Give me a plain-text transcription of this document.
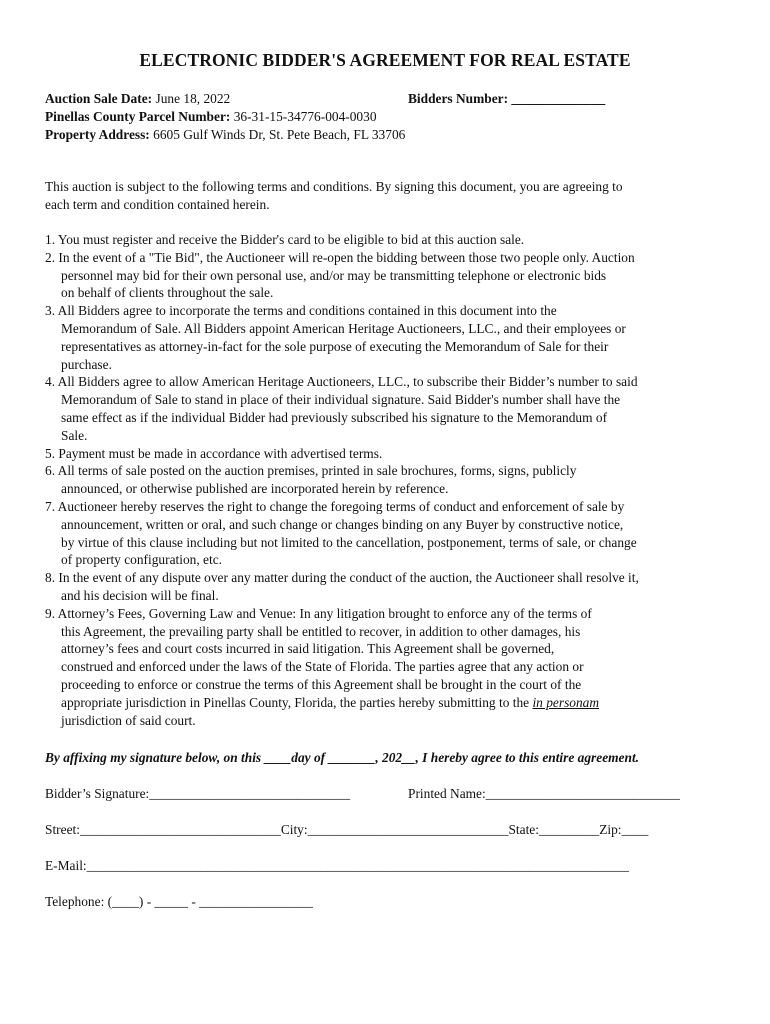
ELECTRONIC BIDDER'S AGREEMENT FOR REAL ESTATE
Auction Sale Date: June 18, 2022	Bidders Number: ______________
Pinellas County Parcel Number: 36-31-15-34776-004-0030
Property Address: 6605 Gulf Winds Dr, St. Pete Beach, FL 33706

This auction is subject to the following terms and conditions. By signing this document, you are agreeing to

each term and condition contained herein.

1. You must register and receive the Bidder's card to be eligible to bid at this auction sale.
2. In the event of a "Tie Bid", the Auctioneer will re-open the bidding between those two people only. Auction
personnel may bid for their own personal use, and/or may be transmitting telephone or electronic bids
on behalf of clients throughout the sale.
3. All Bidders agree to incorporate the terms and conditions contained in this document into the
Memorandum of Sale. All Bidders appoint American Heritage Auctioneers, LLC., and their employees or
representatives as attorney-in-fact for the sole purpose of executing the Memorandum of Sale for their
purchase.
4. All Bidders agree to allow American Heritage Auctioneers, LLC., to subscribe their Bidder’s number to said
Memorandum of Sale to stand in place of their individual signature. Said Bidder's number shall have the
same effect as if the individual Bidder had previously subscribed his signature to the Memorandum of
Sale.
5. Payment must be made in accordance with advertised terms.
6. All terms of sale posted on the auction premises, printed in sale brochures, forms, signs, publicly
announced, or otherwise published are incorporated herein by reference.
7. Auctioneer hereby reserves the right to change the foregoing terms of conduct and enforcement of sale by
announcement, written or oral, and such change or changes binding on any Buyer by constructive notice,
by virtue of this clause including but not limited to the cancellation, postponement, terms of sale, or change
of property configuration, etc.
8. In the event of any dispute over any matter during the conduct of the auction, the Auctioneer shall resolve it,
and his decision will be final.
9. Attorney’s Fees, Governing Law and Venue: In any litigation brought to enforce any of the terms of
this Agreement, the prevailing party shall be entitled to recover, in addition to other damages, his
attorney’s fees and court costs incurred in said litigation. This Agreement shall be governed,
construed and enforced under the laws of the State of Florida. The parties agree that any action or
proceeding to enforce or construe the terms of this Agreement shall be brought in the court of the
appropriate jurisdiction in Pinellas County, Florida, the parties hereby submitting to the in personam
jurisdiction of said court.
By affixing my signature below, on this ____day of _______, 202__, I hereby agree to this entire agreement.
Bidder’s Signature:______________________________	Printed Name:_____________________________
Street:______________________________City:______________________________State:_________Zip:____
E-Mail:_________________________________________________________________________________
Telephone: (____) - _____ - _________________
